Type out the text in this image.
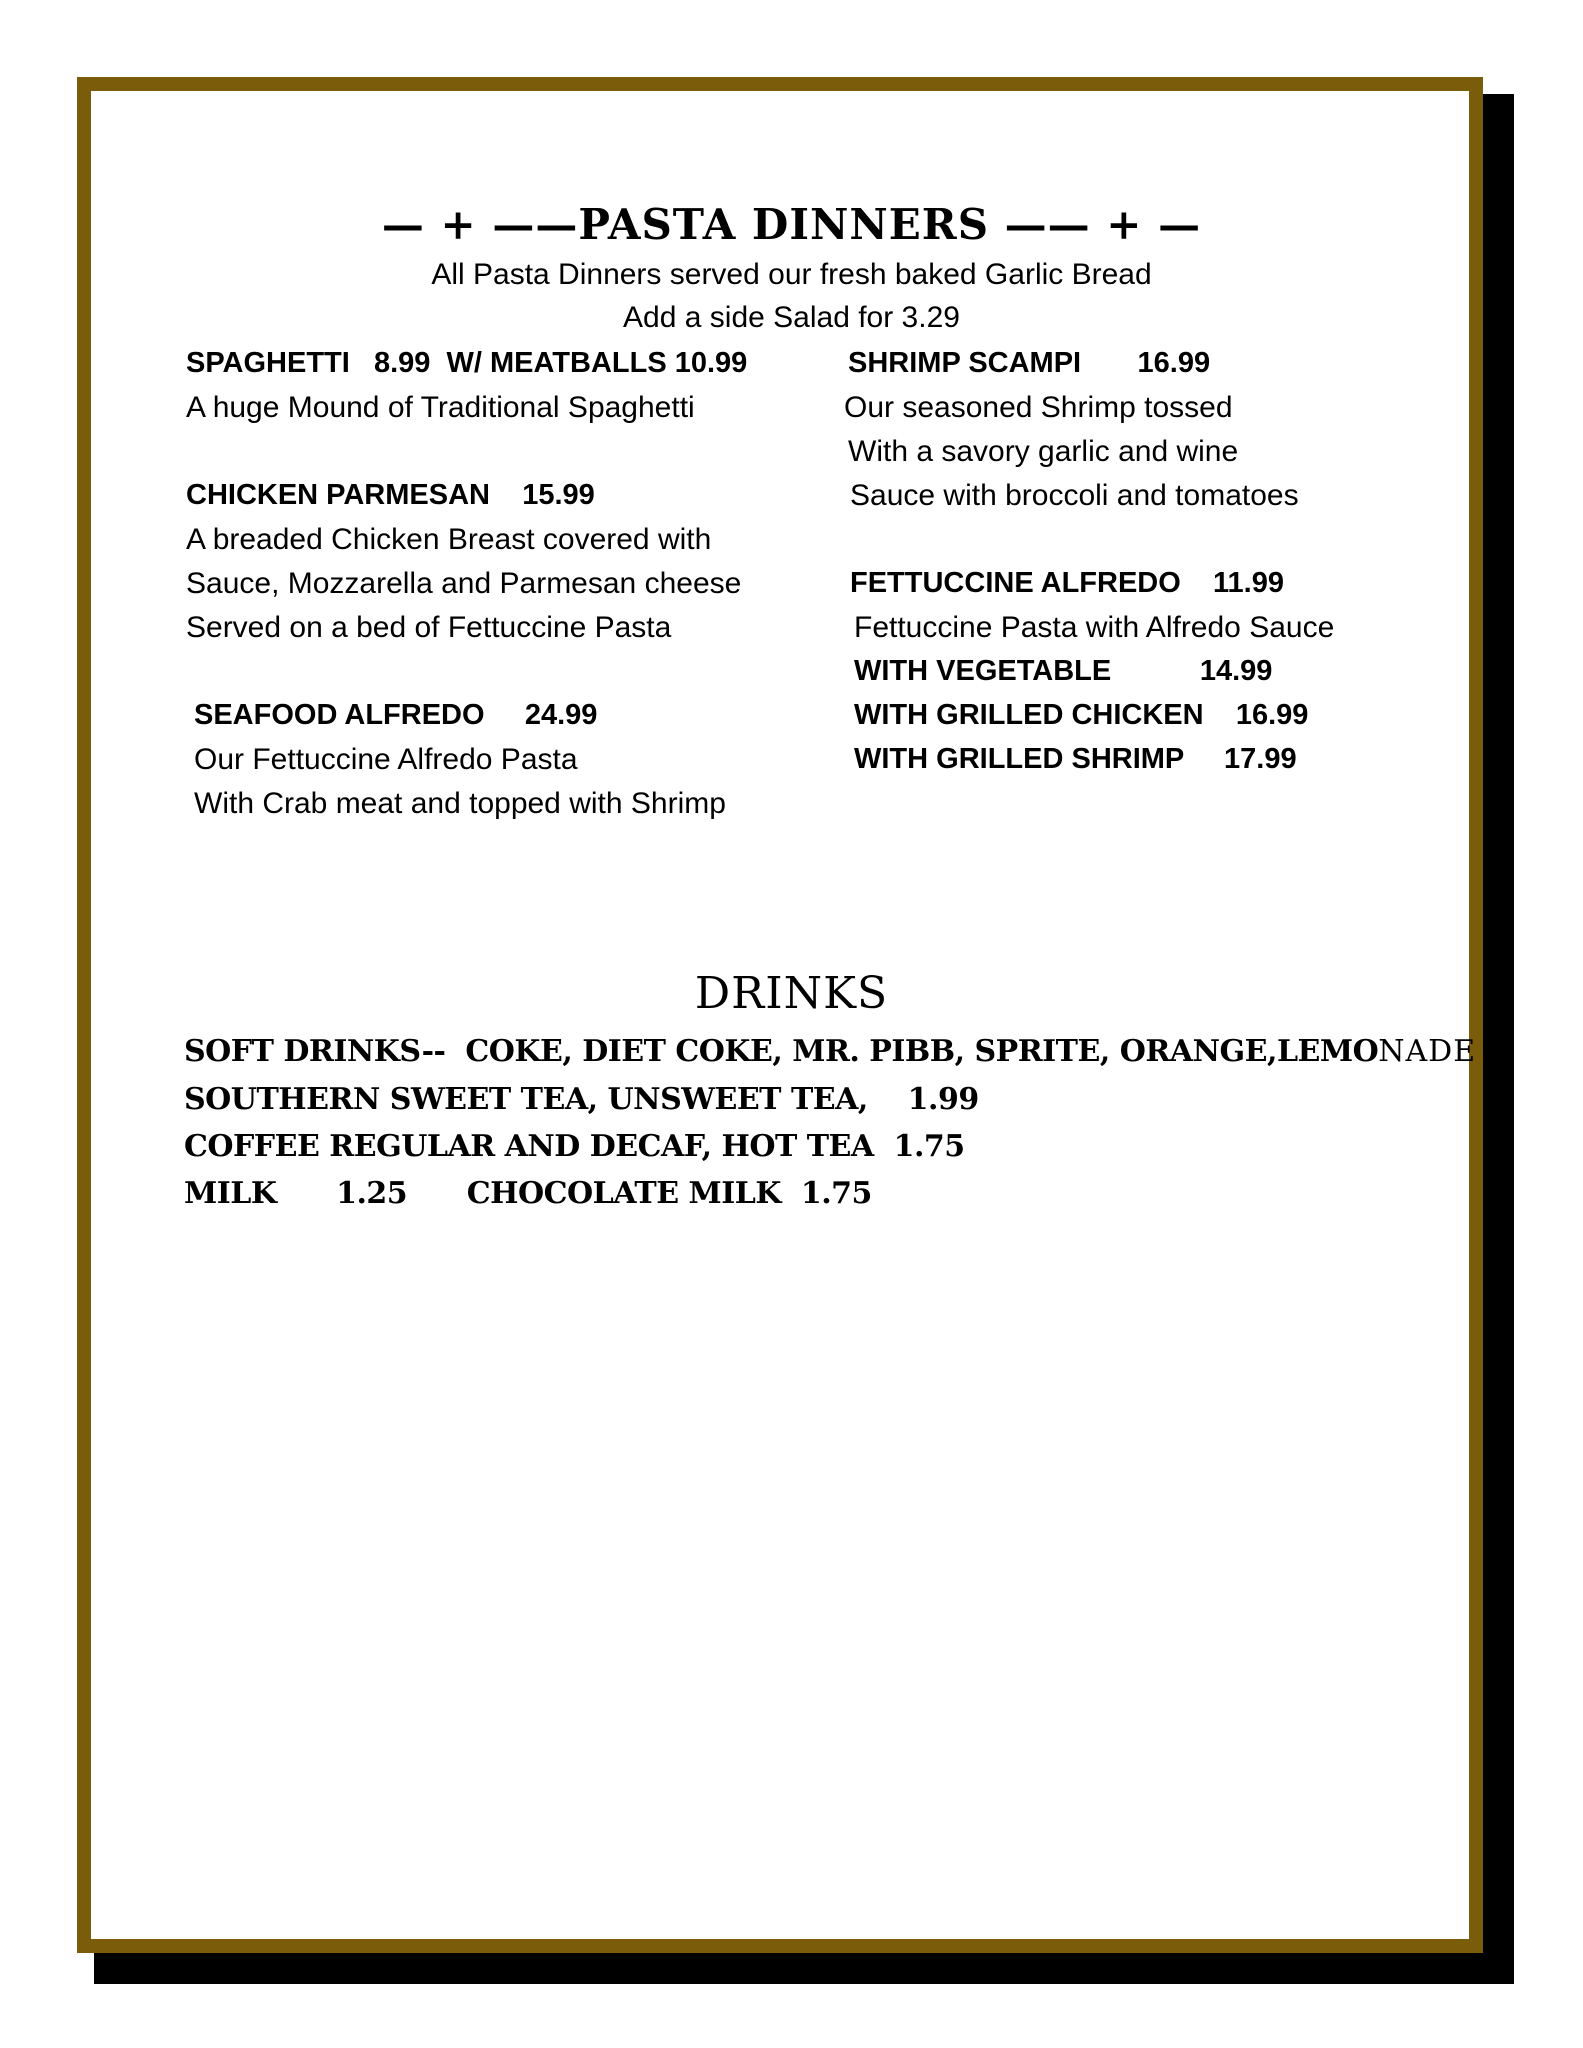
— + ——PASTA DINNERS —— + —
All Pasta Dinners served our fresh baked Garlic Bread
Add a side Salad for 3.29
SPAGHETTI   8.99  W/ MEATBALLS 10.99
A huge Mound of Traditional Spaghetti
CHICKEN PARMESAN    15.99
A breaded Chicken Breast covered with
Sauce, Mozzarella and Parmesan cheese
Served on a bed of Fettuccine Pasta
SEAFOOD ALFREDO     24.99
Our Fettuccine Alfredo Pasta
With Crab meat and topped with Shrimp
SHRIMP SCAMPI       16.99
Our seasoned Shrimp tossed
With a savory garlic and wine
Sauce with broccoli and tomatoes
FETTUCCINE ALFREDO    11.99
Fettuccine Pasta with Alfredo Sauce
WITH VEGETABLE           14.99
WITH GRILLED CHICKEN    16.99
WITH GRILLED SHRIMP     17.99
DRINKS
SOFT DRINKS--  COKE, DIET COKE, MR. PIBB, SPRITE, ORANGE,LEMONADE
SOUTHERN SWEET TEA, UNSWEET TEA,    1.99
COFFEE REGULAR AND DECAF, HOT TEA  1.75
MILK      1.25      CHOCOLATE MILK  1.75
